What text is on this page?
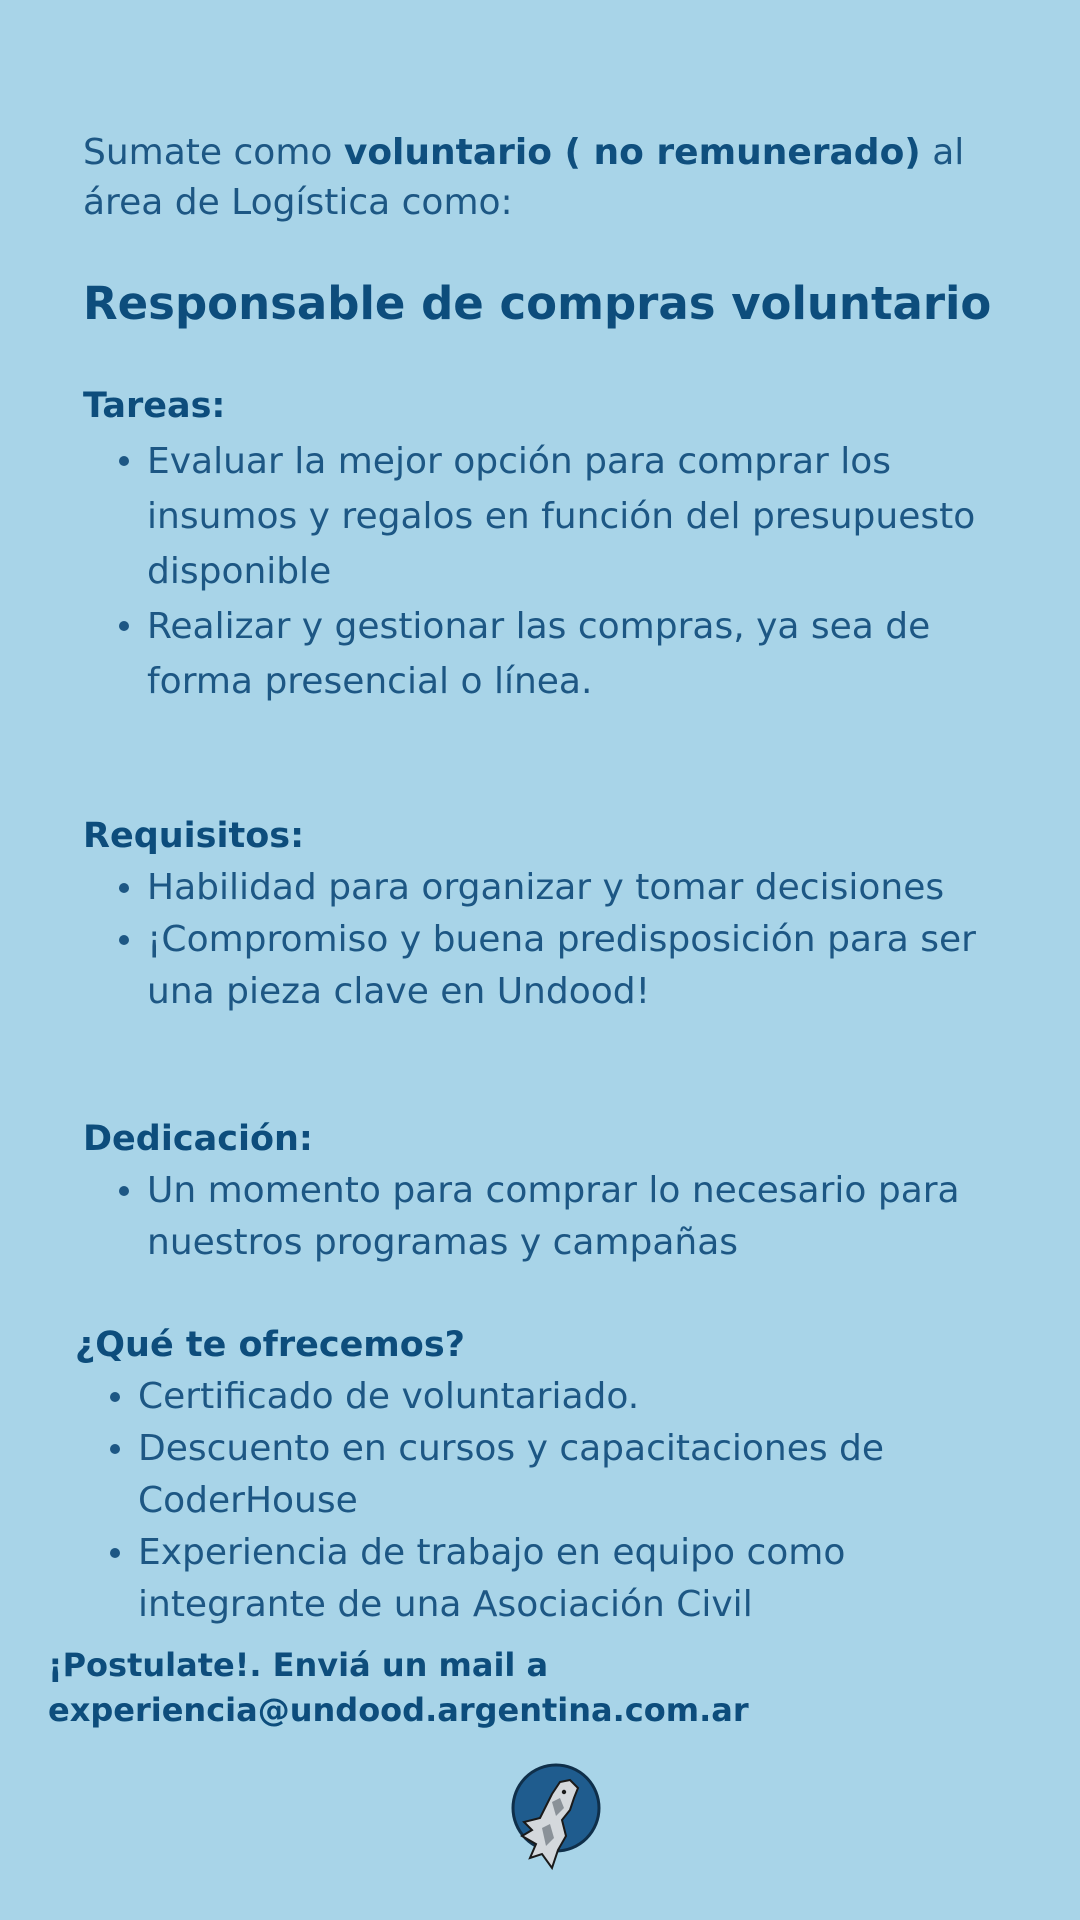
Sumate como voluntario ( no remunerado) al área de Logística como:

Responsable de compras voluntario
Tareas:
Evaluar la mejor opción para comprar los insumos y regalos en función del presupuesto disponible
Realizar y gestionar las compras, ya sea de forma presencial o línea.
Requisitos:
Habilidad para organizar y tomar decisiones
¡Compromiso y buena predisposición para ser una pieza clave en Undood!
Dedicación:
Un momento para comprar lo necesario para nuestros programas y campañas
¿Qué te ofrecemos?
Certificado de voluntariado.
Descuento en cursos y capacitaciones de CoderHouse
Experiencia de trabajo en equipo como integrante de una Asociación Civil
¡Postulate!. Enviá un mail a
experiencia@undood.argentina.com.ar
